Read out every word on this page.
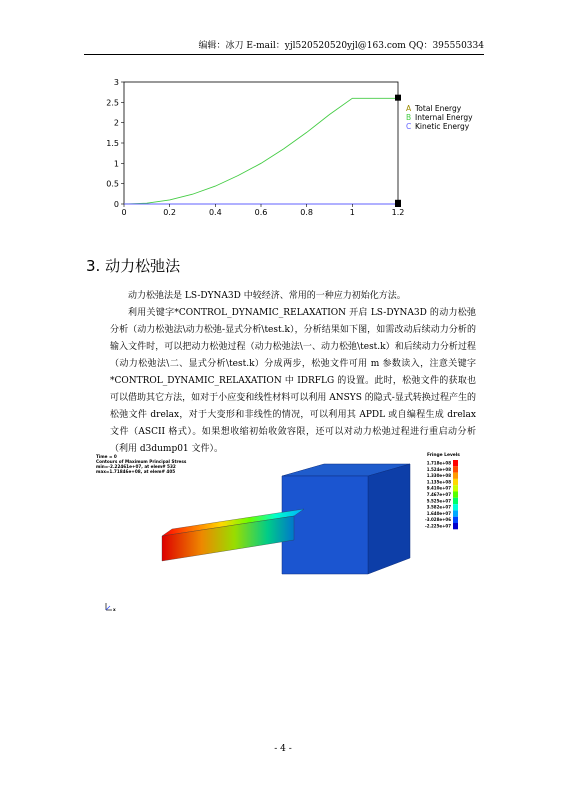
编辑：冰刀 E-mail：yjl520520520yjl@163.com QQ：395550334
0	0.2	0.4	0.6	0.8	1	1.2
0
0.5
1
1.5
2
2.5
3
A Total Energy
B Internal Energy
C Kinetic Energy
3. 动力松弛法

动力松弛法是 LS-DYNA3D 中较经济、常用的一种应力初始化方法。

利用关键字*CONTROL_DYNAMIC_RELAXATION 开启 LS-DYNA3D 的动力松弛分析（动力松弛法\动力松弛-显式分析\test.k），分析结果如下图，如需改动后续动力分析的输入文件时，可以把动力松弛过程（动力松弛法\一、动力松弛\test.k）和后续动力分析过程（动力松弛法\二、显式分析\test.k）分成两步，松弛文件可用 m 参数读入，注意关键字*CONTROL_DYNAMIC_RELAXATION 中 IDRFLG 的设置。此时，松弛文件的获取也可以借助其它方法，如对于小应变和线性材料可以利用 ANSYS 的隐式-显式转换过程产生的松弛文件 drelax，对于大变形和非线性的情况，可以利用其 APDL 或自编程生成 drelax 文件（ASCII 格式）。如果想收缩初始收敛容限，还可以对动力松弛过程进行重启动分析（利用 d3dump01 文件）。

Time = 0
Contours of Maximum Principal Stress
min=-2.22461e+07, at elem# 532
max=1.71846e+08, at elem# 405
Fringe Levels
1.718e+08
1.524e+08
1.330e+08
1.135e+08
9.410e+07
7.467e+07
5.525e+07
3.582e+07
1.640e+07
-3.028e+06
-2.225e+07
x
- 4 -
